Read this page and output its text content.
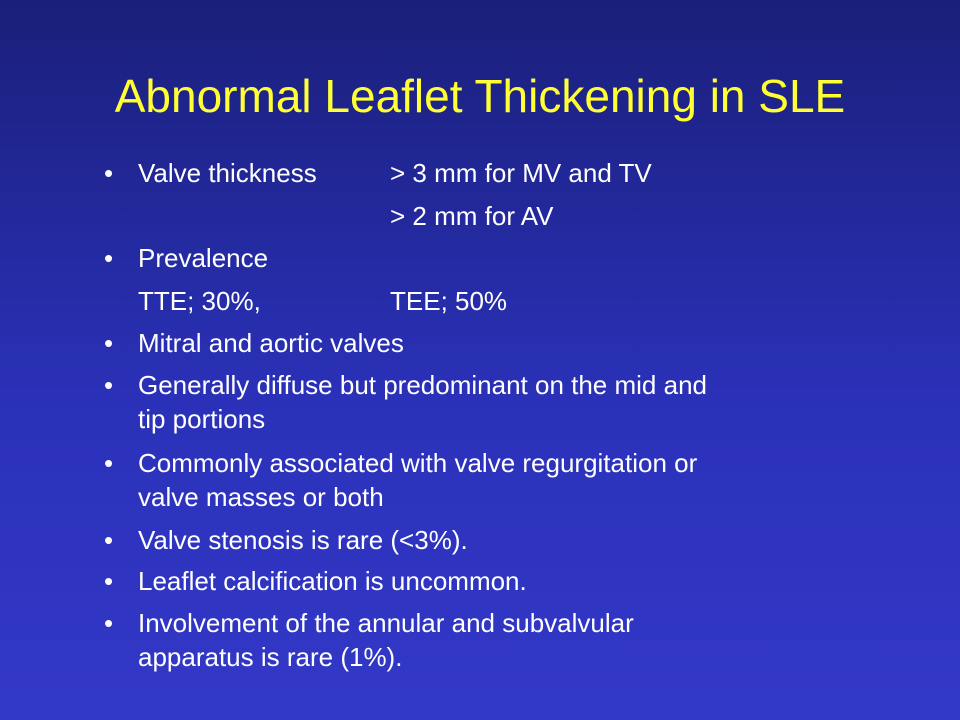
Abnormal Leaflet Thickening in SLE
• Valve thickness	> 3 mm for MV and TV
> 2 mm for AV
• Prevalence
TTE; 30%,	TEE; 50%
• Mitral and aortic valves
• Generally diffuse but predominant on the mid and
tip portions
• Commonly associated with valve regurgitation or
valve masses or both
• Valve stenosis is rare (<3%).
• Leaflet calcification is uncommon.
• Involvement of the annular and subvalvular
apparatus is rare (1%).
